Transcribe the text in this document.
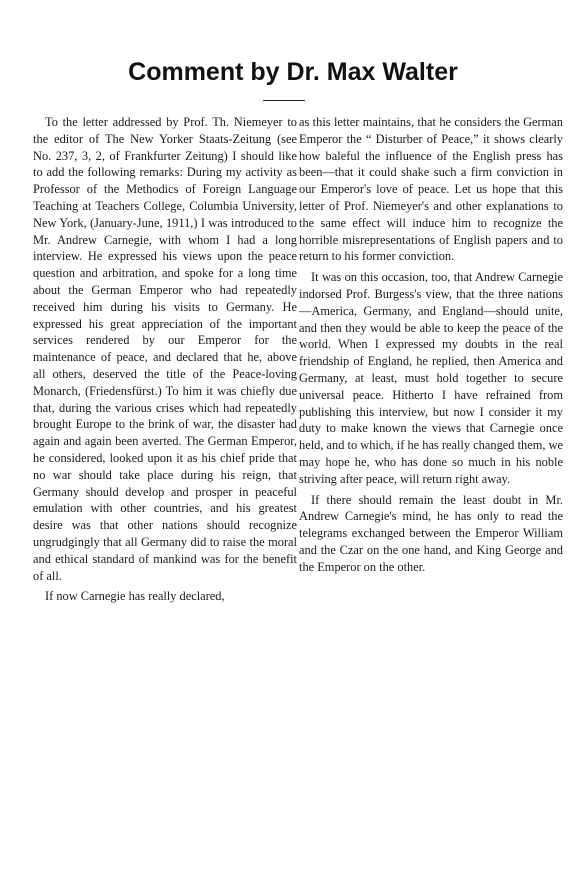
Comment by Dr. Max Walter

To the letter addressed by Prof. Th. Niemeyer to the editor of The New Yorker Staats-Zeitung (see No. 237, 3, 2, of Frankfurter Zeitung) I should like to add the following remarks: During my activity as Professor of the Methodics of Foreign Language Teaching at Teachers College, Columbia University, New York, (January-June, 1911,) I was introduced to Mr. Andrew Carnegie, with whom I had a long interview. He expressed his views upon the peace question and arbitration, and spoke for a long time about the German Emperor who had repeatedly received him during his visits to Germany. He expressed his great appreciation of the important services rendered by our Emperor for the maintenance of peace, and declared that he, above all others, deserved the title of the Peace-loving Monarch, (Friedensfürst.) To him it was chiefly due that, during the various crises which had repeatedly brought Europe to the brink of war, the disaster had again and again been averted. The German Emperor, he considered, looked upon it as his chief pride that no war should take place during his reign, that Germany should develop and prosper in peaceful emulation with other countries, and his greatest desire was that other nations should recognize ungrudgingly that all Germany did to raise the moral and ethical standard of mankind was for the benefit of all.

If now Carnegie has really declared,

as this letter maintains, that he considers the German Emperor the “ Disturber of Peace,” it shows clearly how baleful the influence of the English press has been—that it could shake such a firm conviction in our Emperor's love of peace. Let us hope that this letter of Prof. Niemeyer's and other explanations to the same effect will induce him to recognize the horrible misrepresentations of English papers and to return to his former conviction.

It was on this occasion, too, that Andrew Carnegie indorsed Prof. Burgess's view, that the three nations—America, Germany, and England—should unite, and then they would be able to keep the peace of the world. When I expressed my doubts in the real friendship of England, he replied, then America and Germany, at least, must hold together to secure universal peace. Hitherto I have refrained from publishing this interview, but now I consider it my duty to make known the views that Carnegie once held, and to which, if he has really changed them, we may hope he, who has done so much in his noble striving after peace, will return right away.

If there should remain the least doubt in Mr. Andrew Carnegie's mind, he has only to read the telegrams exchanged between the Emperor William and the Czar on the one hand, and King George and the Emperor on the other.
